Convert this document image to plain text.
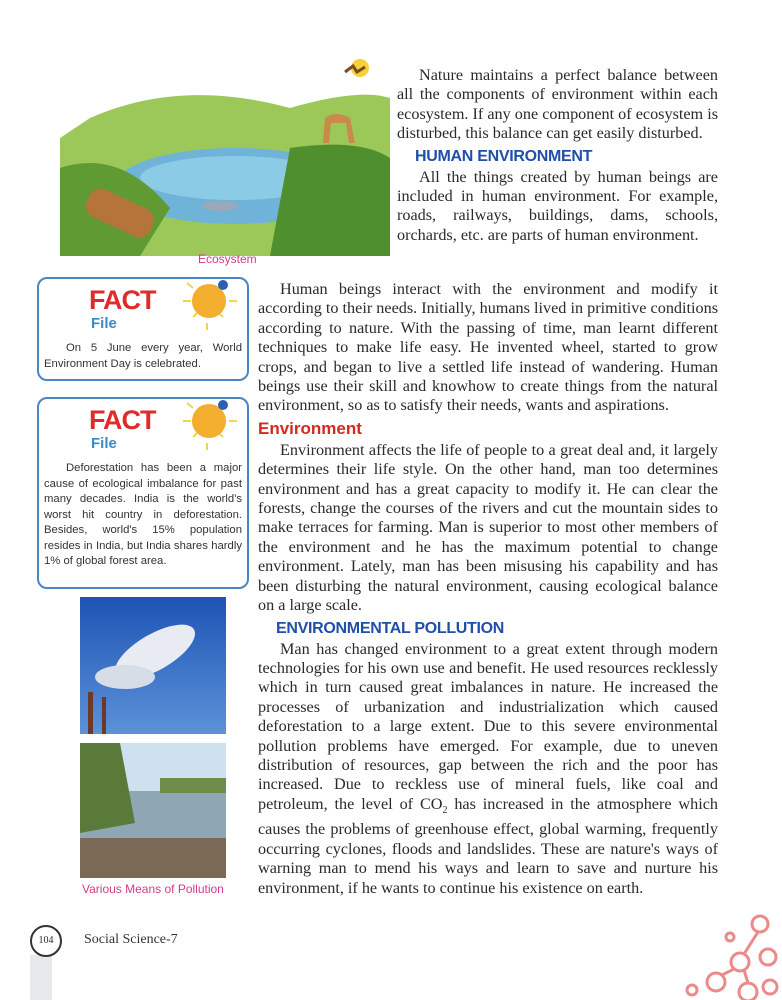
Ecosystem
FACT
File
On 5 June every year, World Environment Day is celebrated.
FACT
File
Deforestation has been a major cause of ecological imbalance for past many decades. India is the world's worst hit country in deforestation. Besides, world's 15% population resides in India, but India shares hardly 1% of global forest area.
Various Means of Pollution

Nature maintains a perfect balance between all the components of environment within each ecosystem. If any one component of ecosystem is disturbed, this balance can get easily disturbed.

HUMAN ENVIRONMENT

All the things created by human beings are included in human environment. For example, roads, railways, buildings, dams, schools, orchards, etc. are parts of human environment.

Human beings interact with the environment and modify it according to their needs. Initially, humans lived in primitive conditions according to nature. With the passing of time, man learnt different techniques to make life easy. He invented wheel, started to grow crops, and began to live a settled life instead of wandering. Human beings use their skill and knowhow to create things from the natural environment, so as to satisfy their needs, wants and aspirations.

Environment

Environment affects the life of people to a great deal and, it largely determines their life style. On the other hand, man too determines environment and has a great capacity to modify it. He can clear the forests, change the courses of the rivers and cut the mountain sides to make terraces for farming. Man is superior to most other members of the environment and he has the maximum potential to change environment. Lately, man has been misusing his capability and has been disturbing the natural environment, causing ecological balance on a large scale.

ENVIRONMENTAL POLLUTION

Man has changed environment to a great extent through modern technologies for his own use and benefit. He used resources recklessly which in turn caused great imbalances in nature. He increased the processes of urbanization and industrialization which caused deforestation to a large extent. Due to this severe environmental pollution problems have emerged. For example, due to uneven distribution of resources, gap between the rich and the poor has increased. Due to reckless use of mineral fuels, like coal and petroleum, the level of $CO_2$ has increased in the atmosphere which causes the problems of greenhouse effect, global warming, frequently occurring cyclones, floods and landslides. These are nature's ways of warning man to mend his ways and learn to save and nurture his environment, if he wants to continue his existence on earth.

104	Social Science-7
